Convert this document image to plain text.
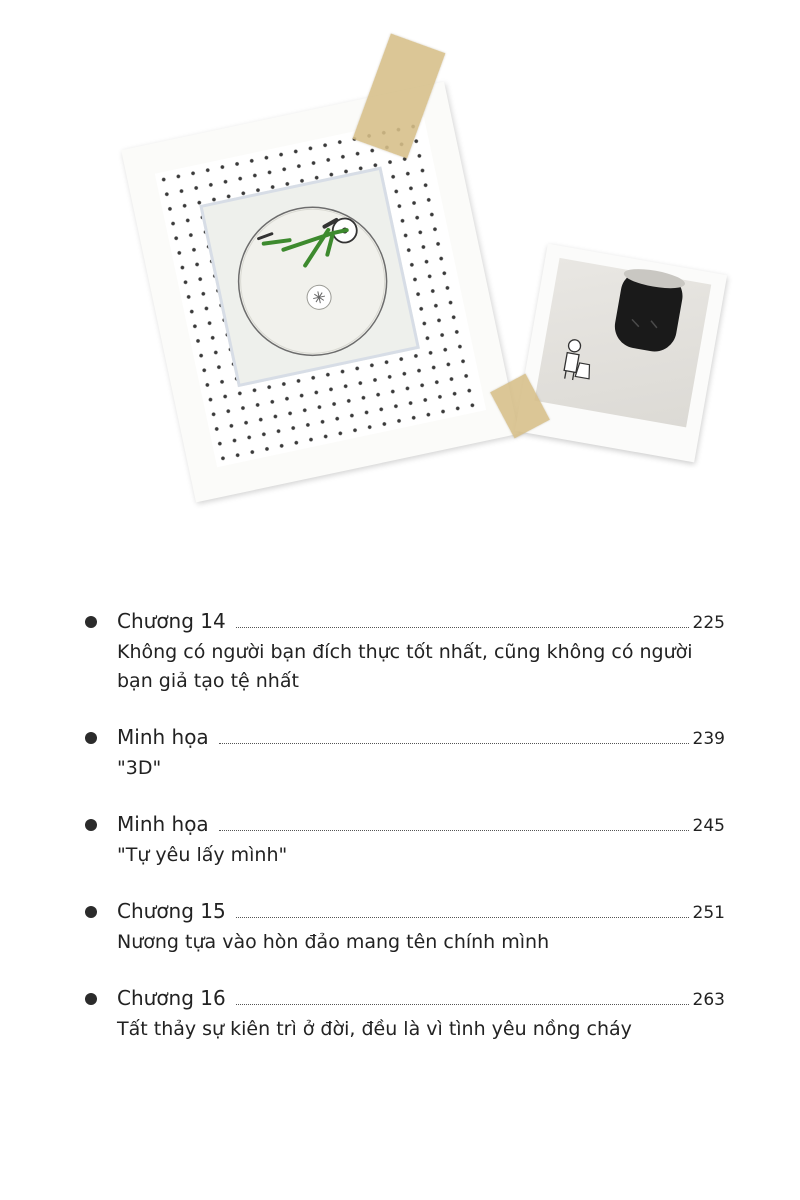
Chương 14	225
Không có người bạn đích thực tốt nhất, cũng không có người bạn giả tạo tệ nhất
Minh họa	239
"3D"
Minh họa	245
"Tự yêu lấy mình"
Chương 15	251
Nương tựa vào hòn đảo mang tên chính mình
Chương 16	263
Tất thảy sự kiên trì ở đời, đều là vì tình yêu nồng cháy
